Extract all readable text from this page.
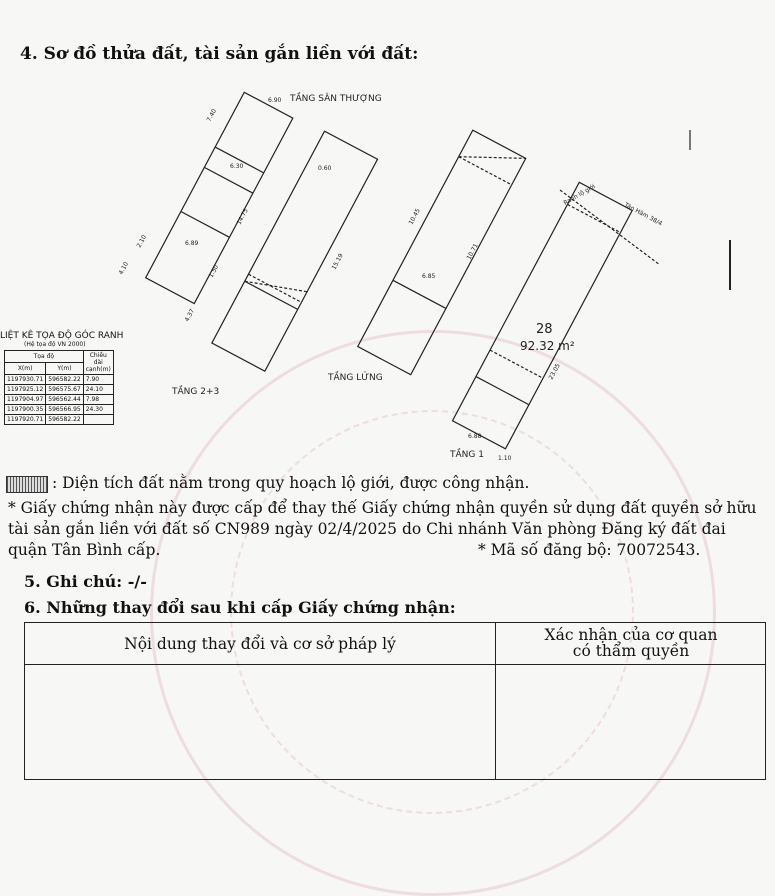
4. Sơ đồ thửa đất, tài sản gắn liền với đất:
TẦNG SÂN THƯỢNG
TẦNG 2+3
TẦNG LỬNG
TẦNG 1
28
92.32 m²
Tân Hãm 38/4
Ranh lộ giới
6.90
7.40
6.30
10.45
10.71
14.75
15.19
23.05
4.10	1.50
2.10	6.89
6.85
6.88
4.37
1.10
0.60
LIỆT KÊ TỌA ĐỘ GÓC RANH
(Hệ tọa độ VN 2000)
Tọa độ		Chiều dài cạnh(m)
X(m)	Y(m)	
1197930.71	596582.22	7.90
1197925.12	596575.67	24.10
1197904.97	596562.44	7.98
1197900.35	596566.95	24.30
1197920.71	596582.22	
: Diện tích đất nằm trong quy hoạch lộ giới, được công nhận.
* Giấy chứng nhận này được cấp để thay thế Giấy chứng nhận quyền sử dụng đất quyền sở hữu tài sản gắn liền với đất số CN989 ngày 02/4/2025 do Chi nhánh Văn phòng Đăng ký đất đai quận Tân Bình cấp.	* Mã số đăng bộ: 70072543.
5. Ghi chú: -/-
6. Những thay đổi sau khi cấp Giấy chứng nhận:
Nội dung thay đổi và cơ sở pháp lý	Xác nhận của cơ quan
có thẩm quyền
